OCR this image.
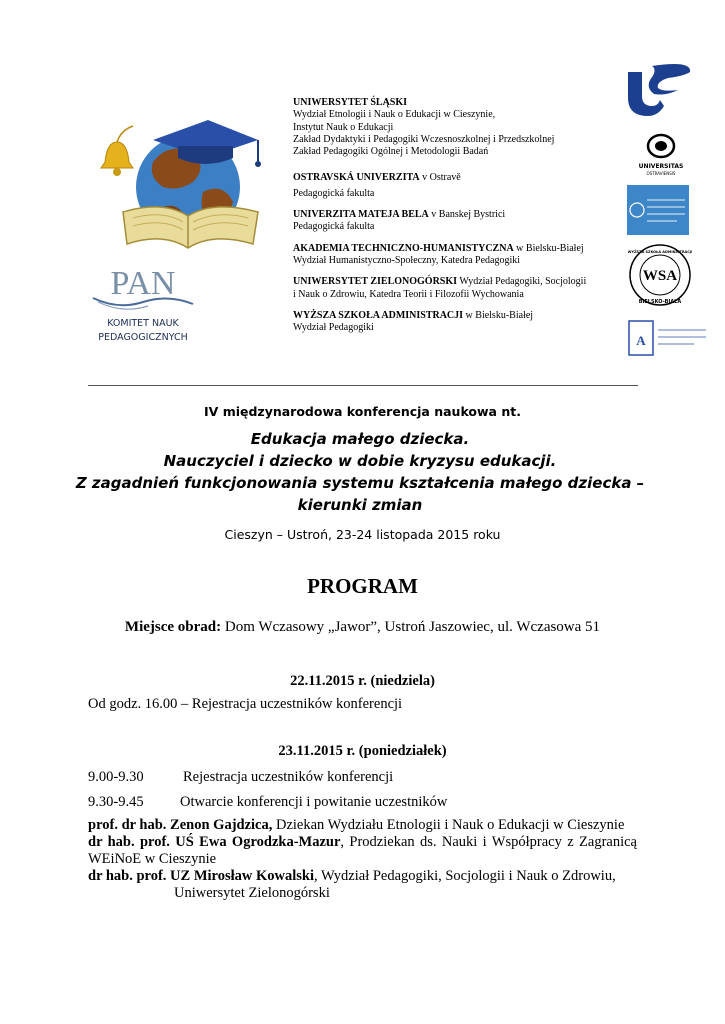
PAN
KOMITET NAUK
PEDAGOGICZNYCH
UNIWERSYTET ŚLĄSKI
Wydział Etnologii i Nauk o Edukacji w Cieszynie,
Instytut Nauk o Edukacji
Zakład Dydaktyki i Pedagogiki Wczesnoszkolnej i Przedszkolnej
Zakład Pedagogiki Ogólnej i Metodologii Badań
OSTRAVSKÁ UNIVERZITA v Ostravě
Pedagogická fakulta
UNIVERZITA MATEJA BELA v Banskej Bystrici
Pedagogická fakulta
AKADEMIA TECHNICZNO-HUMANISTYCZNA w Bielsku-Białej
Wydział Humanistyczno-Społeczny, Katedra Pedagogiki
UNIWERSYTET ZIELONOGÓRSKI Wydział Pedagogiki, Socjologii
i Nauk o Zdrowiu, Katedra Teorii i Filozofii Wychowania
WYŻSZA SZKOŁA ADMINISTRACJI w Bielsku-Białej
Wydział Pedagogiki
UNIVERSITAS
OSTRAVIENSIS
WSA
WYŻSZA SZKOŁA ADMINISTRACJI
BIELSKO-BIAŁA
A
IV międzynarodowa konferencja naukowa nt.
Edukacja małego dziecka.
Nauczyciel i dziecko w dobie kryzysu edukacji.
Z zagadnień funkcjonowania systemu kształcenia małego dziecka –
kierunki zmian
Cieszyn – Ustroń, 23-24 listopada 2015 roku
PROGRAM
Miejsce obrad: Dom Wczasowy „Jawor”, Ustroń Jaszowiec, ul. Wczasowa 51
22.11.2015 r. (niedziela)
Od godz. 16.00 – Rejestracja uczestników konferencji
23.11.2015 r. (poniedziałek)
9.00-9.30	Rejestracja uczestników konferencji
9.30-9.45	Otwarcie konferencji i powitanie uczestników

prof. dr hab. Zenon Gajdzica, Dziekan Wydziału Etnologii i Nauk o Edukacji w Cieszynie

dr hab. prof. UŚ Ewa Ogrodzka-Mazur, Prodziekan ds. Nauki i Współpracy z Zagranicą WEiNoE w Cieszynie

dr hab. prof. UZ Mirosław Kowalski, Wydział Pedagogiki, Socjologii i Nauk o Zdrowiu,

Uniwersytet Zielonogórski
